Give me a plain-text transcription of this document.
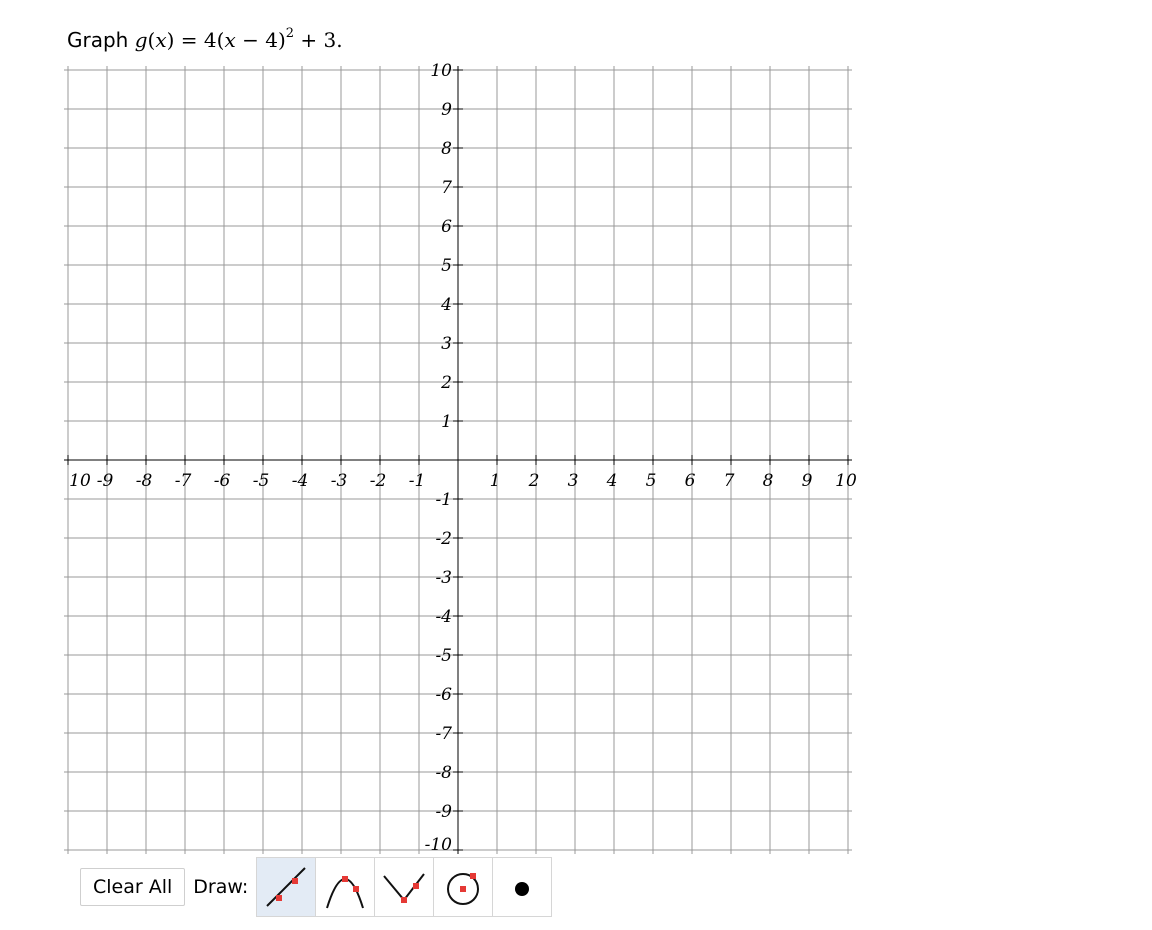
Graph $g(x) = 4(x - 4)^2 + 3$.
10 -9 -8 -7 -6 -5 -4 -3 -2 -1	1 2 3 4 5 6 7 8 9 10
10
9
8
7
6
5
4
3
2
1
-1
-2
-3
-4
-5
-6
-7
-8
-9
-10
Clear All	Draw:
